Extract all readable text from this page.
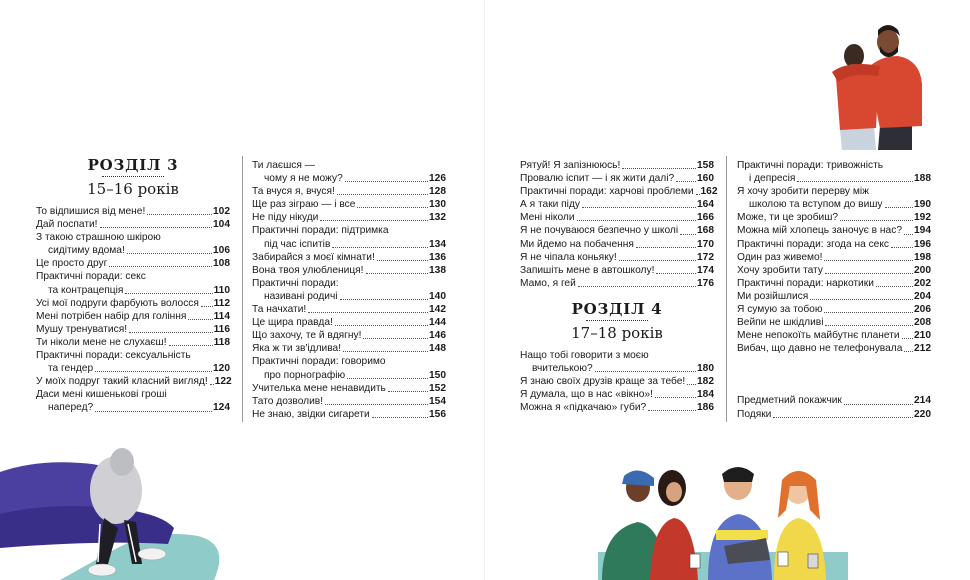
РОЗДІЛ 3
15–16 років
То відпишися від мене!	102
Дай поспати!	104
З такою страшною шкірою
сидітиму вдома!	106
Це просто друг	108
Практичні поради: секс
та контрацепція	110
Усі мої подруги фарбують волосся 112
Мені потрібен набір для гоління	114
Мушу тренуватися!	116
Ти ніколи мене не слухаєш!	118
Практичні поради: сексуальність
та гендер	120
У моїх подруг такий класний вигляд! 122
Даси мені кишенькові гроші
наперед?	124
Ти лаєшся —
чому я не можу?	126
Та вчуся я, вчуся!	128
Ще раз зіграю — і все	130
Не піду нікуди	132
Практичні поради: підтримка
під час іспитів	134
Забирайся з моєї кімнати!	136
Вона твоя улюблениця!	138
Практичні поради:
називані родичі	140
Та начхати!	142
Це щира правда!	144
Що захочу, те й вдягну!	146
Яка ж ти зв'ідлива!	148
Практичні поради: говоримо
про порнографію	150
Учителька мене ненавидить	152
Тато дозволив!	154
Не знаю, звідки сигарети	156
Рятуй! Я запізнююсь!	158
Провалю іспит — і як жити далі? 160
Практичні поради: харчові проблеми 162
А я таки піду	164
Мені ніколи	166
Я не почуваюся безпечно у школі 168
Ми йдемо на побачення	170
Я не чіпала коньяку!	172
Запишіть мене в автошколу!	174
Мамо, я гей	176
РОЗДІЛ 4
17–18 років
Нащо тобі говорити з моєю
вчителькою?	180
Я знаю своїх друзів краще за тебе! 182
Я думала, що в нас «вікно»!	184
Можна я «підкачаю» губи?	186
Практичні поради: тривожність
і депресія	188
Я хочу зробити перерву між
школою та вступом до вишу	190
Може, ти це зробиш?	192
Можна мій хлопець заночує в нас? 194
Практичні поради: згода на секс 196
Один раз живемо!	198
Хочу зробити тату	200
Практичні поради: наркотики	202
Ми розійшлися	204
Я сумую за тобою	206
Вейпи не шкідливі	208
Мене непокоїть майбутнє планети 210
Вибач, що давно не телефонувала 212
Предметний покажчик	214
Подяки	220
